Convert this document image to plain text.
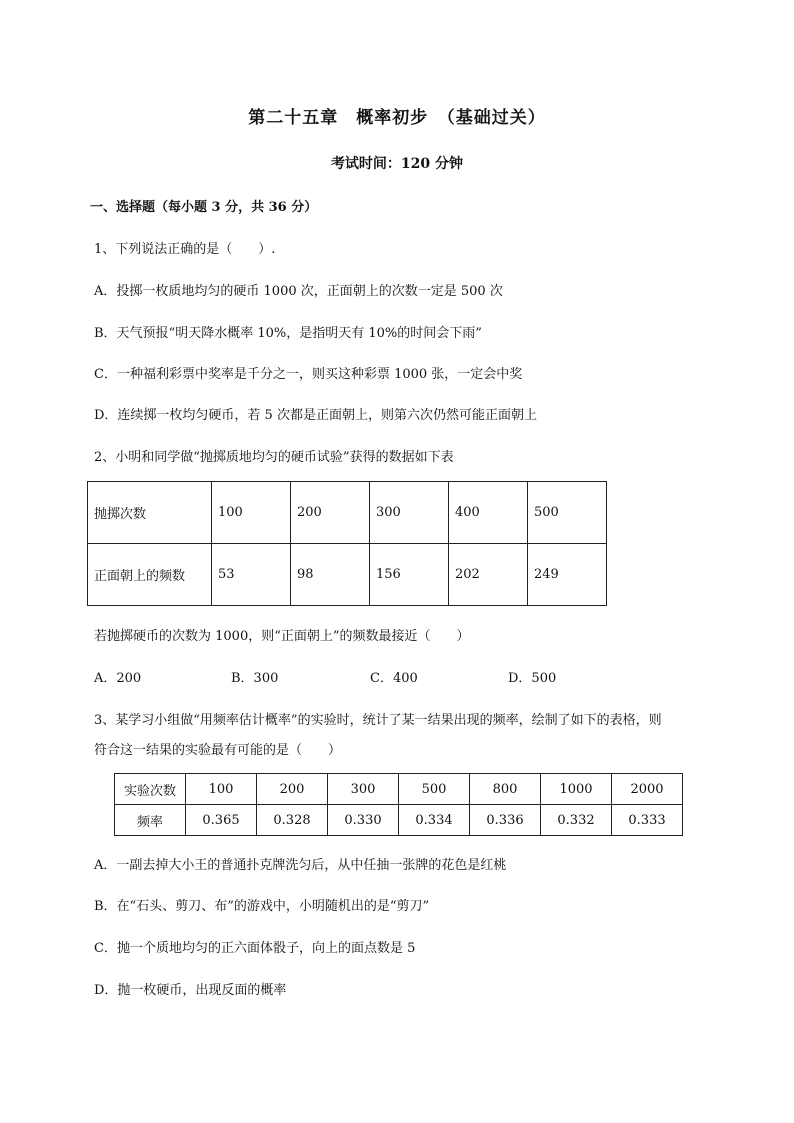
第二十五章　概率初步　（基础过关）
考试时间：120 分钟
一、选择题（每小题 3 分，共 36 分）
1、下列说法正确的是（　　）.
A．投掷一枚质地均匀的硬币 1000 次，正面朝上的次数一定是 500 次
B．天气预报“明天降水概率 10%，是指明天有 10%的时间会下雨”
C．一种福利彩票中奖率是千分之一，则买这种彩票 1000 张，一定会中奖
D．连续掷一枚均匀硬币，若 5 次都是正面朝上，则第六次仍然可能正面朝上
2、小明和同学做“抛掷质地均匀的硬币试验”获得的数据如下表
抛掷次数	100	200	300	400	500
正面朝上的频数	53	98	156	202	249
若抛掷硬币的次数为 1000，则“正面朝上”的频数最接近（　　）
A．200	B．300	C．400	D．500
3、某学习小组做“用频率估计概率”的实验时，统计了某一结果出现的频率，绘制了如下的表格，则
符合这一结果的实验最有可能的是（　　）
实验次数	100	200	300	500	800	1000	2000
频率	0.365	0.328	0.330	0.334	0.336	0.332	0.333
A．一副去掉大小王的普通扑克牌洗匀后，从中任抽一张牌的花色是红桃
B．在“石头、剪刀、布”的游戏中，小明随机出的是“剪刀”
C．抛一个质地均匀的正六面体骰子，向上的面点数是 5
D．抛一枚硬币，出现反面的概率
